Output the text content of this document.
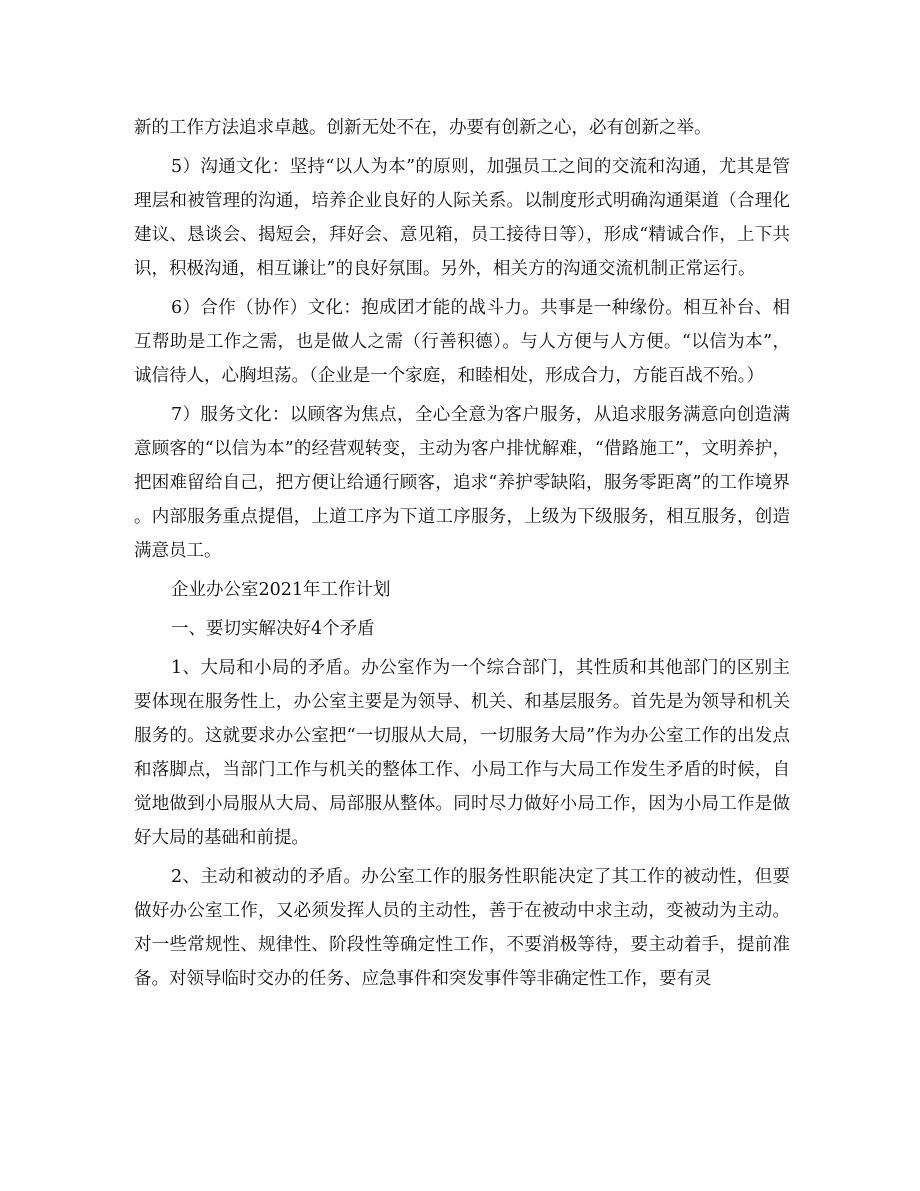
新的工作方法追求卓越。创新无处不在，办要有创新之心，必有创新之举。

5）沟通文化：坚持“以人为本”的原则，加强员工之间的交流和沟通，尤其是管理层和被管理的沟通，培养企业良好的人际关系。以制度形式明确沟通渠道（合理化建议、恳谈会、揭短会，拜好会、意见箱，员工接待日等），形成“精诚合作，上下共识，积极沟通，相互谦让”的良好氛围。另外，相关方的沟通交流机制正常运行。

6）合作（协作）文化：抱成团才能的战斗力。共事是一种缘份。相互补台、相互帮助是工作之需，也是做人之需（行善积德）。与人方便与人方便。“以信为本”，诚信待人，心胸坦荡。（企业是一个家庭，和睦相处，形成合力，方能百战不殆。）

7）服务文化：以顾客为焦点，全心全意为客户服务，从追求服务满意向创造满意顾客的“以信为本”的经营观转变，主动为客户排忧解难，“借路施工”，文明养护，把困难留给自己，把方便让给通行顾客，追求“养护零缺陷，服务零距离”的工作境界。内部服务重点提倡，上道工序为下道工序服务，上级为下级服务，相互服务，创造满意员工。

企业办公室2021年工作计划

一、要切实解决好4个矛盾

1、大局和小局的矛盾。办公室作为一个综合部门，其性质和其他部门的区别主要体现在服务性上，办公室主要是为领导、机关、和基层服务。首先是为领导和机关服务的。这就要求办公室把“一切服从大局，一切服务大局”作为办公室工作的出发点和落脚点，当部门工作与机关的整体工作、小局工作与大局工作发生矛盾的时候，自觉地做到小局服从大局、局部服从整体。同时尽力做好小局工作，因为小局工作是做好大局的基础和前提。

2、主动和被动的矛盾。办公室工作的服务性职能决定了其工作的被动性，但要做好办公室工作，又必须发挥人员的主动性，善于在被动中求主动，变被动为主动。对一些常规性、规律性、阶段性等确定性工作，不要消极等待，要主动着手，提前准备。对领导临时交办的任务、应急事件和突发事件等非确定性工作，要有灵
